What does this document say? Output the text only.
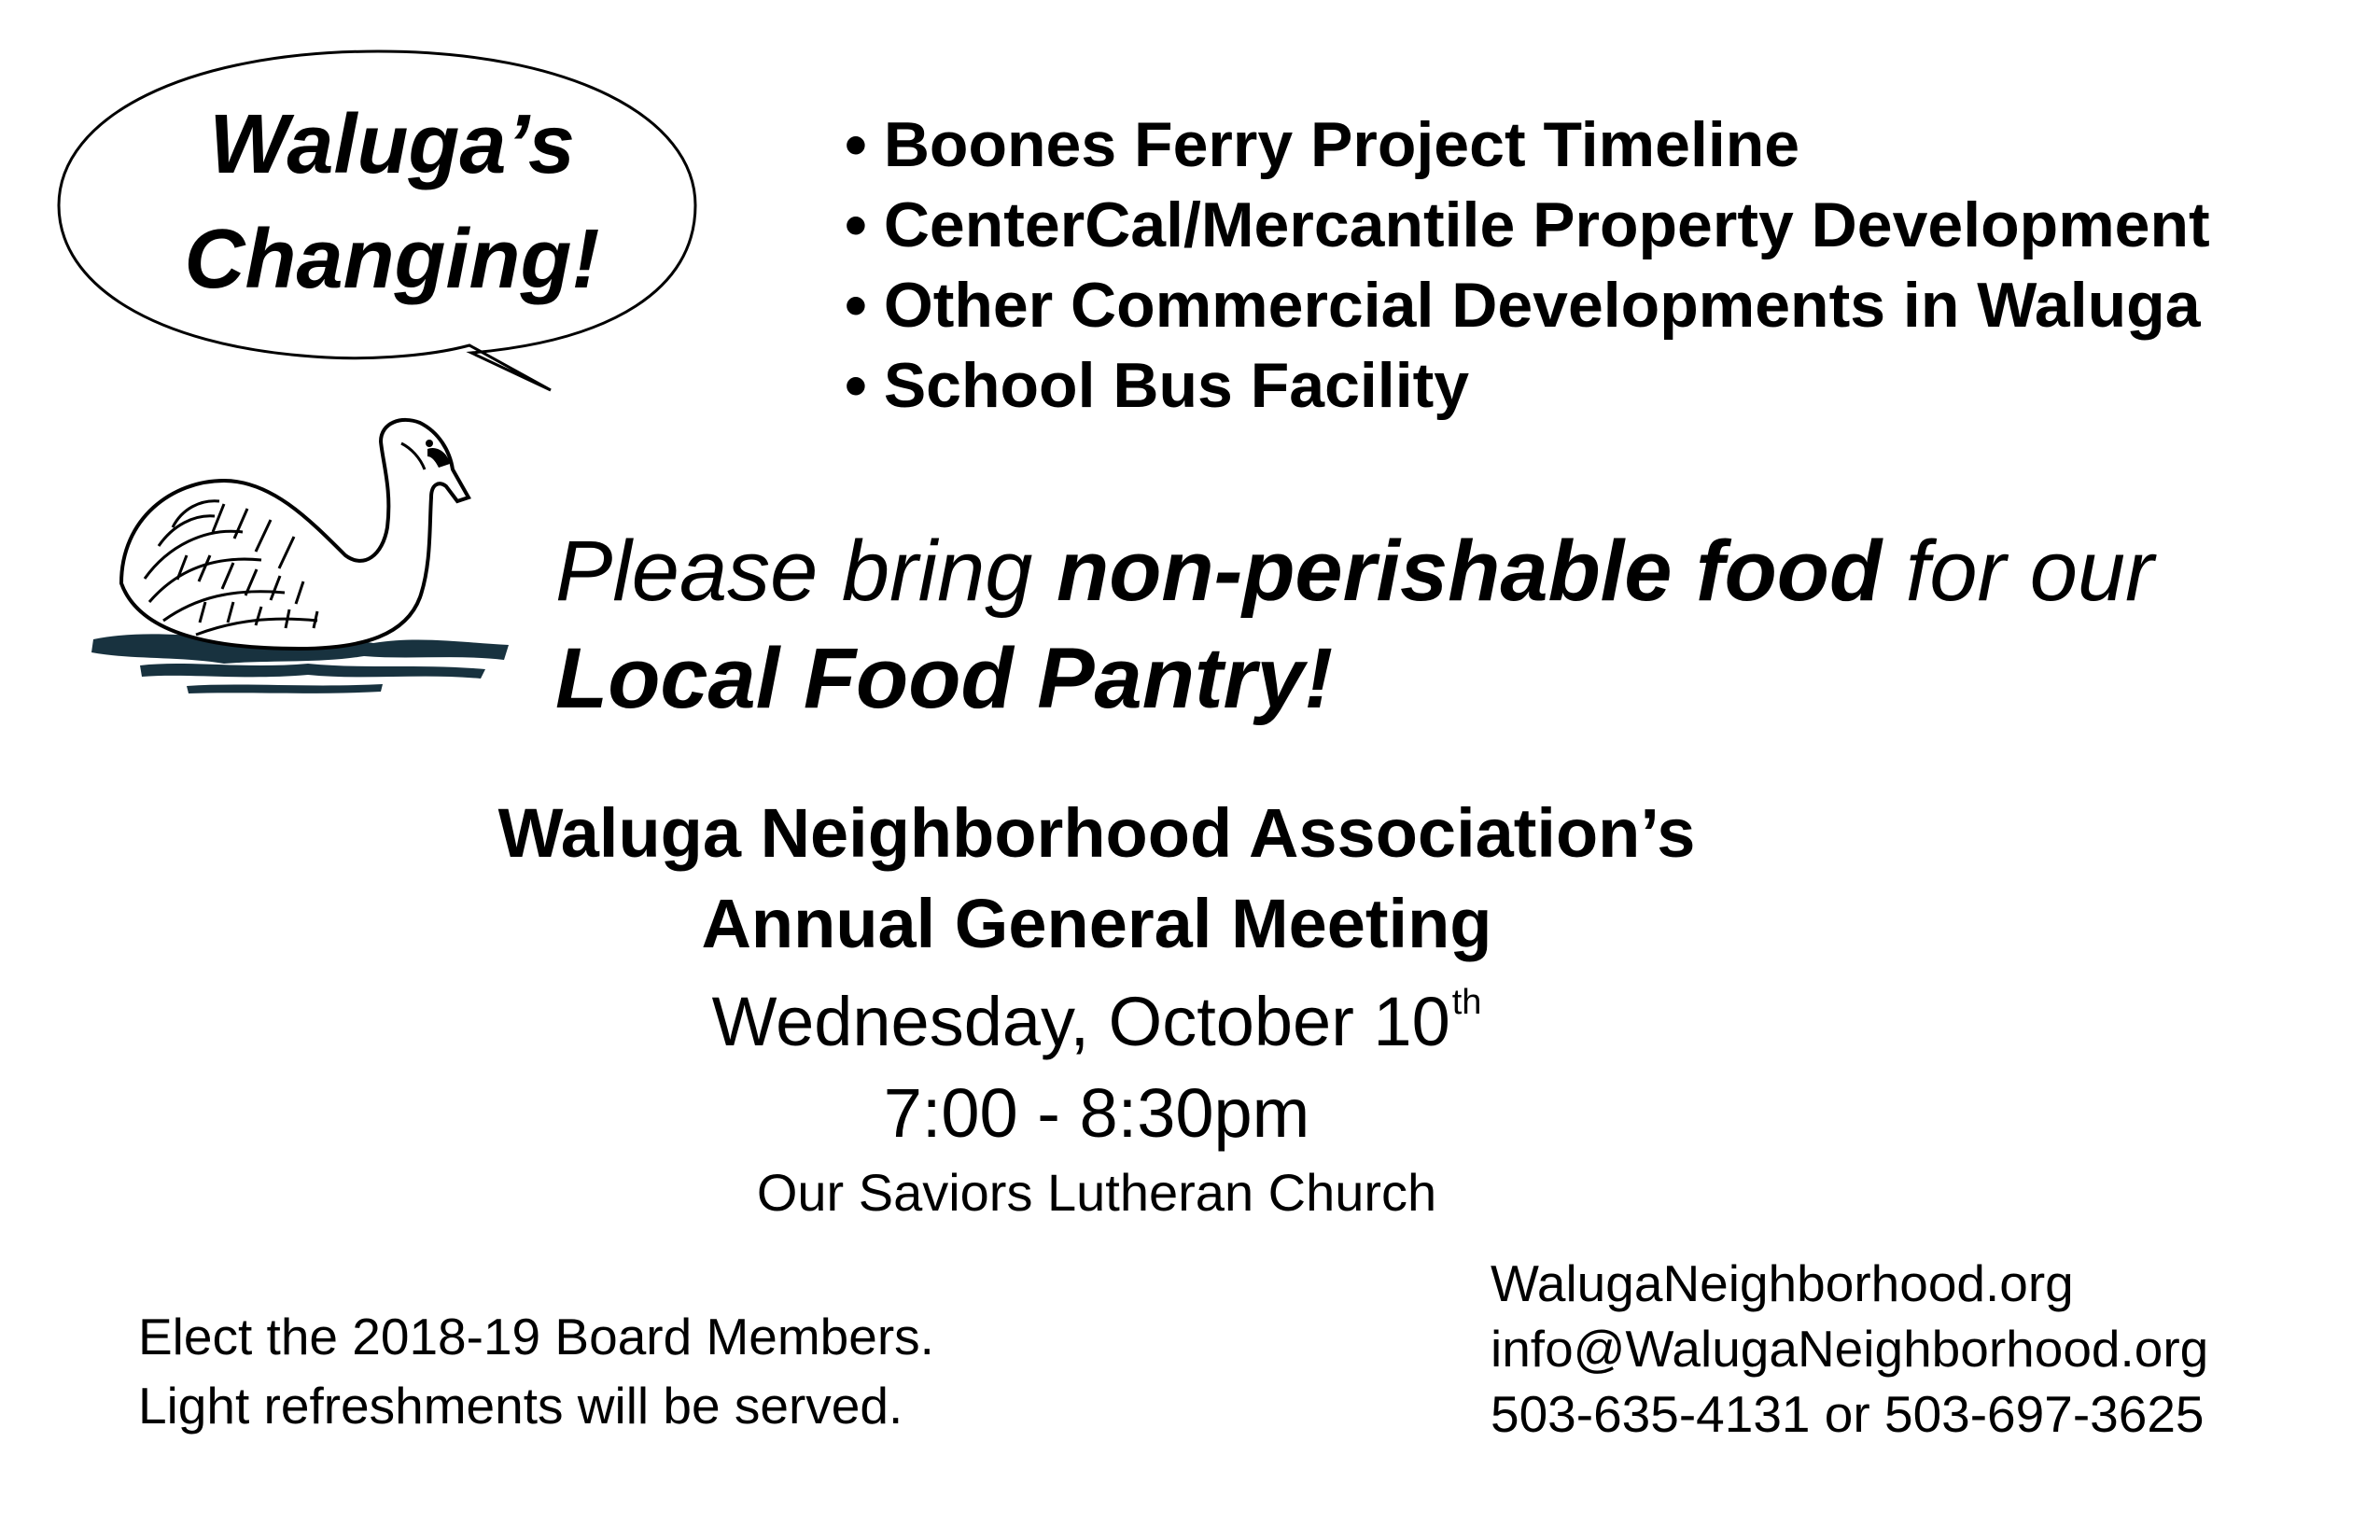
Waluga’s
Changing!
• Boones Ferry Project Timeline
• CenterCal/Mercantile Property Development
• Other Commercial Developments in Waluga
• School Bus Facility
Please bring non-perishable food for our
Local Food Pantry!
Waluga Neighborhood Association’s
Annual General Meeting
Wednesday, October 10th
7:00 - 8:30pm
Our Saviors Lutheran Church
Elect the 2018-19 Board Members.
Light refreshments will be served.
WalugaNeighborhood.org
info@WalugaNeighborhood.org
503-635-4131 or 503-697-3625
